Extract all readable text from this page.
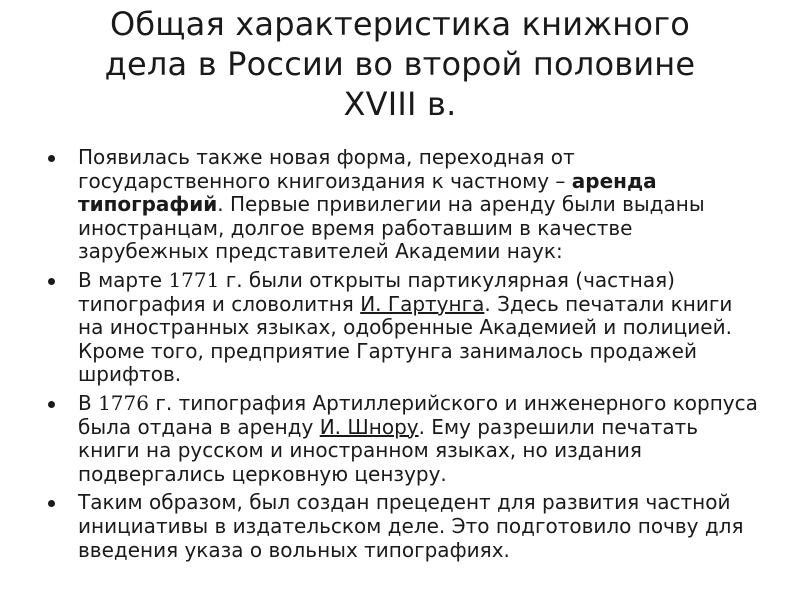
Общая характеристика книжного
дела в России во второй половине
XVIII в.
Появилась также новая форма, переходная от государственного книгоиздания к частному – аренда типографий. Первые привилегии на аренду были выданы иностранцам, долгое время работавшим в качестве зарубежных представителей Академии наук:
В марте 1771 г. были открыты партикулярная (частная) типография и словолитня И. Гартунга. Здесь печатали книги на иностранных языках, одобренные Академией и полицией. Кроме того, предприятие Гартунга занималось продажей шрифтов.
В 1776 г. типография Артиллерийского и инженерного корпуса была отдана в аренду И. Шнору. Ему разрешили печатать книги на русском и иностранном языках, но издания подвергались церковную цензуру.
Таким образом, был создан прецедент для развития частной инициативы в издательском деле. Это подготовило почву для введения указа о вольных типографиях.
